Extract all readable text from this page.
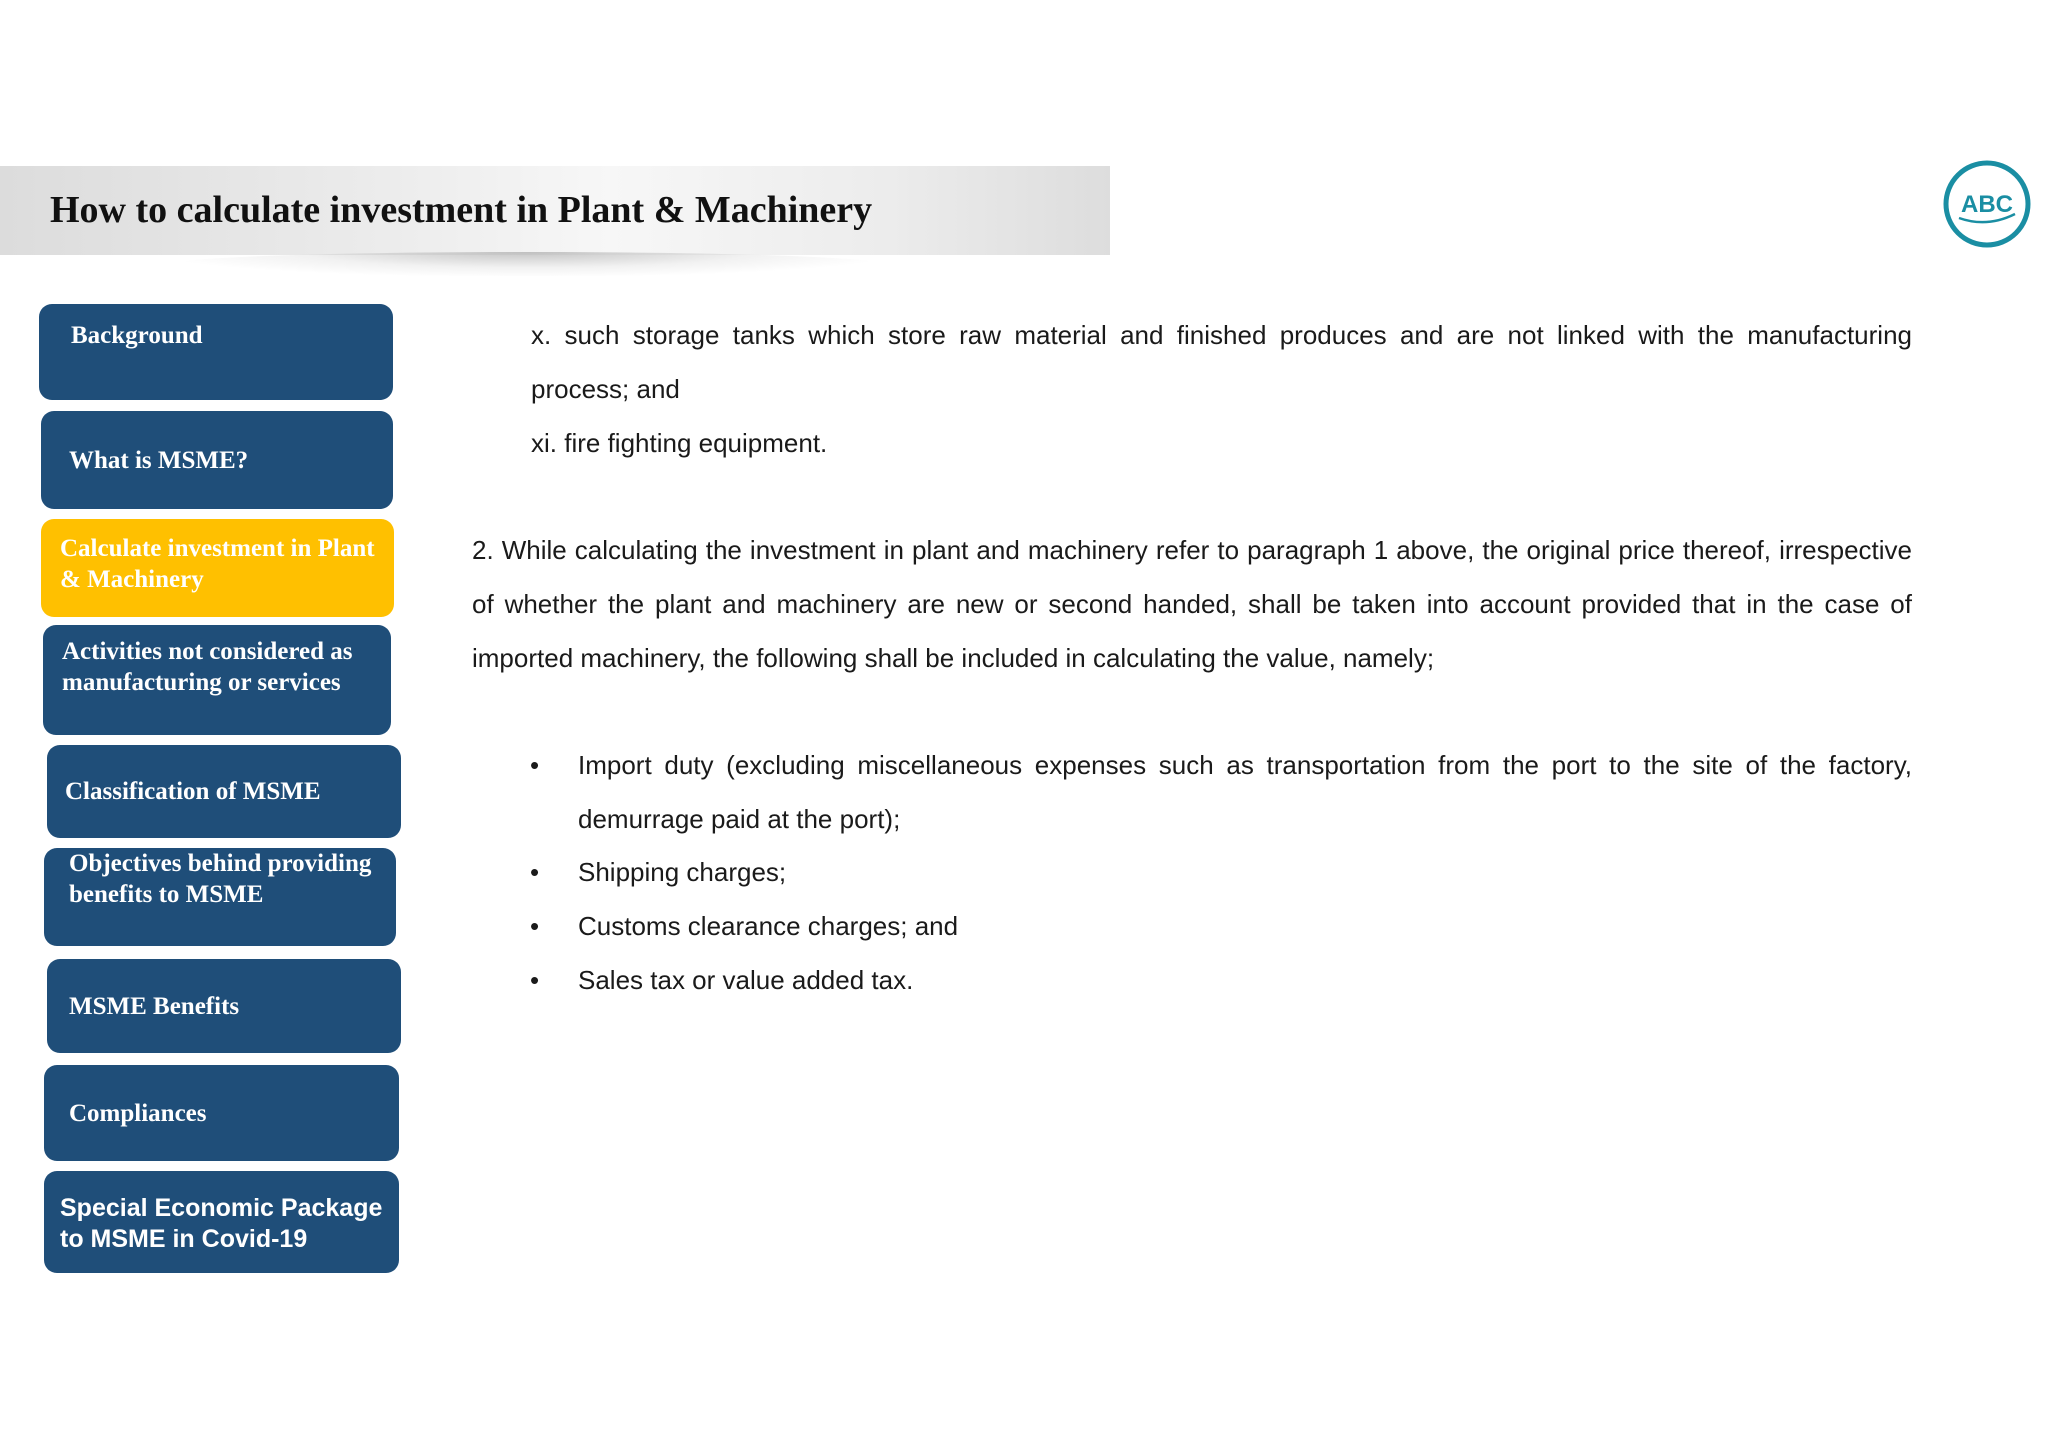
How to calculate investment in Plant & Machinery	ABC
Background
What is MSME?
Calculate investment in Plant & Machinery
Activities not considered as manufacturing or services
Classification of MSME
Objectives behind providing benefits to MSME
MSME Benefits
Compliances
Special Economic Package to MSME in Covid-19
x. such storage tanks which store raw material and finished produces and are not linked with the manufacturing process; and
xi. fire fighting equipment.
2. While calculating the investment in plant and machinery refer to paragraph 1 above, the original price thereof, irrespective of whether the plant and machinery are new or second handed, shall be taken into account provided that in the case of imported machinery, the following shall be included in calculating the value, namely;
•	Import duty (excluding miscellaneous expenses such as transportation from the port to the site of the factory, demurrage paid at the port);
•	Shipping charges;
•	Customs clearance charges; and
•	Sales tax or value added tax.
